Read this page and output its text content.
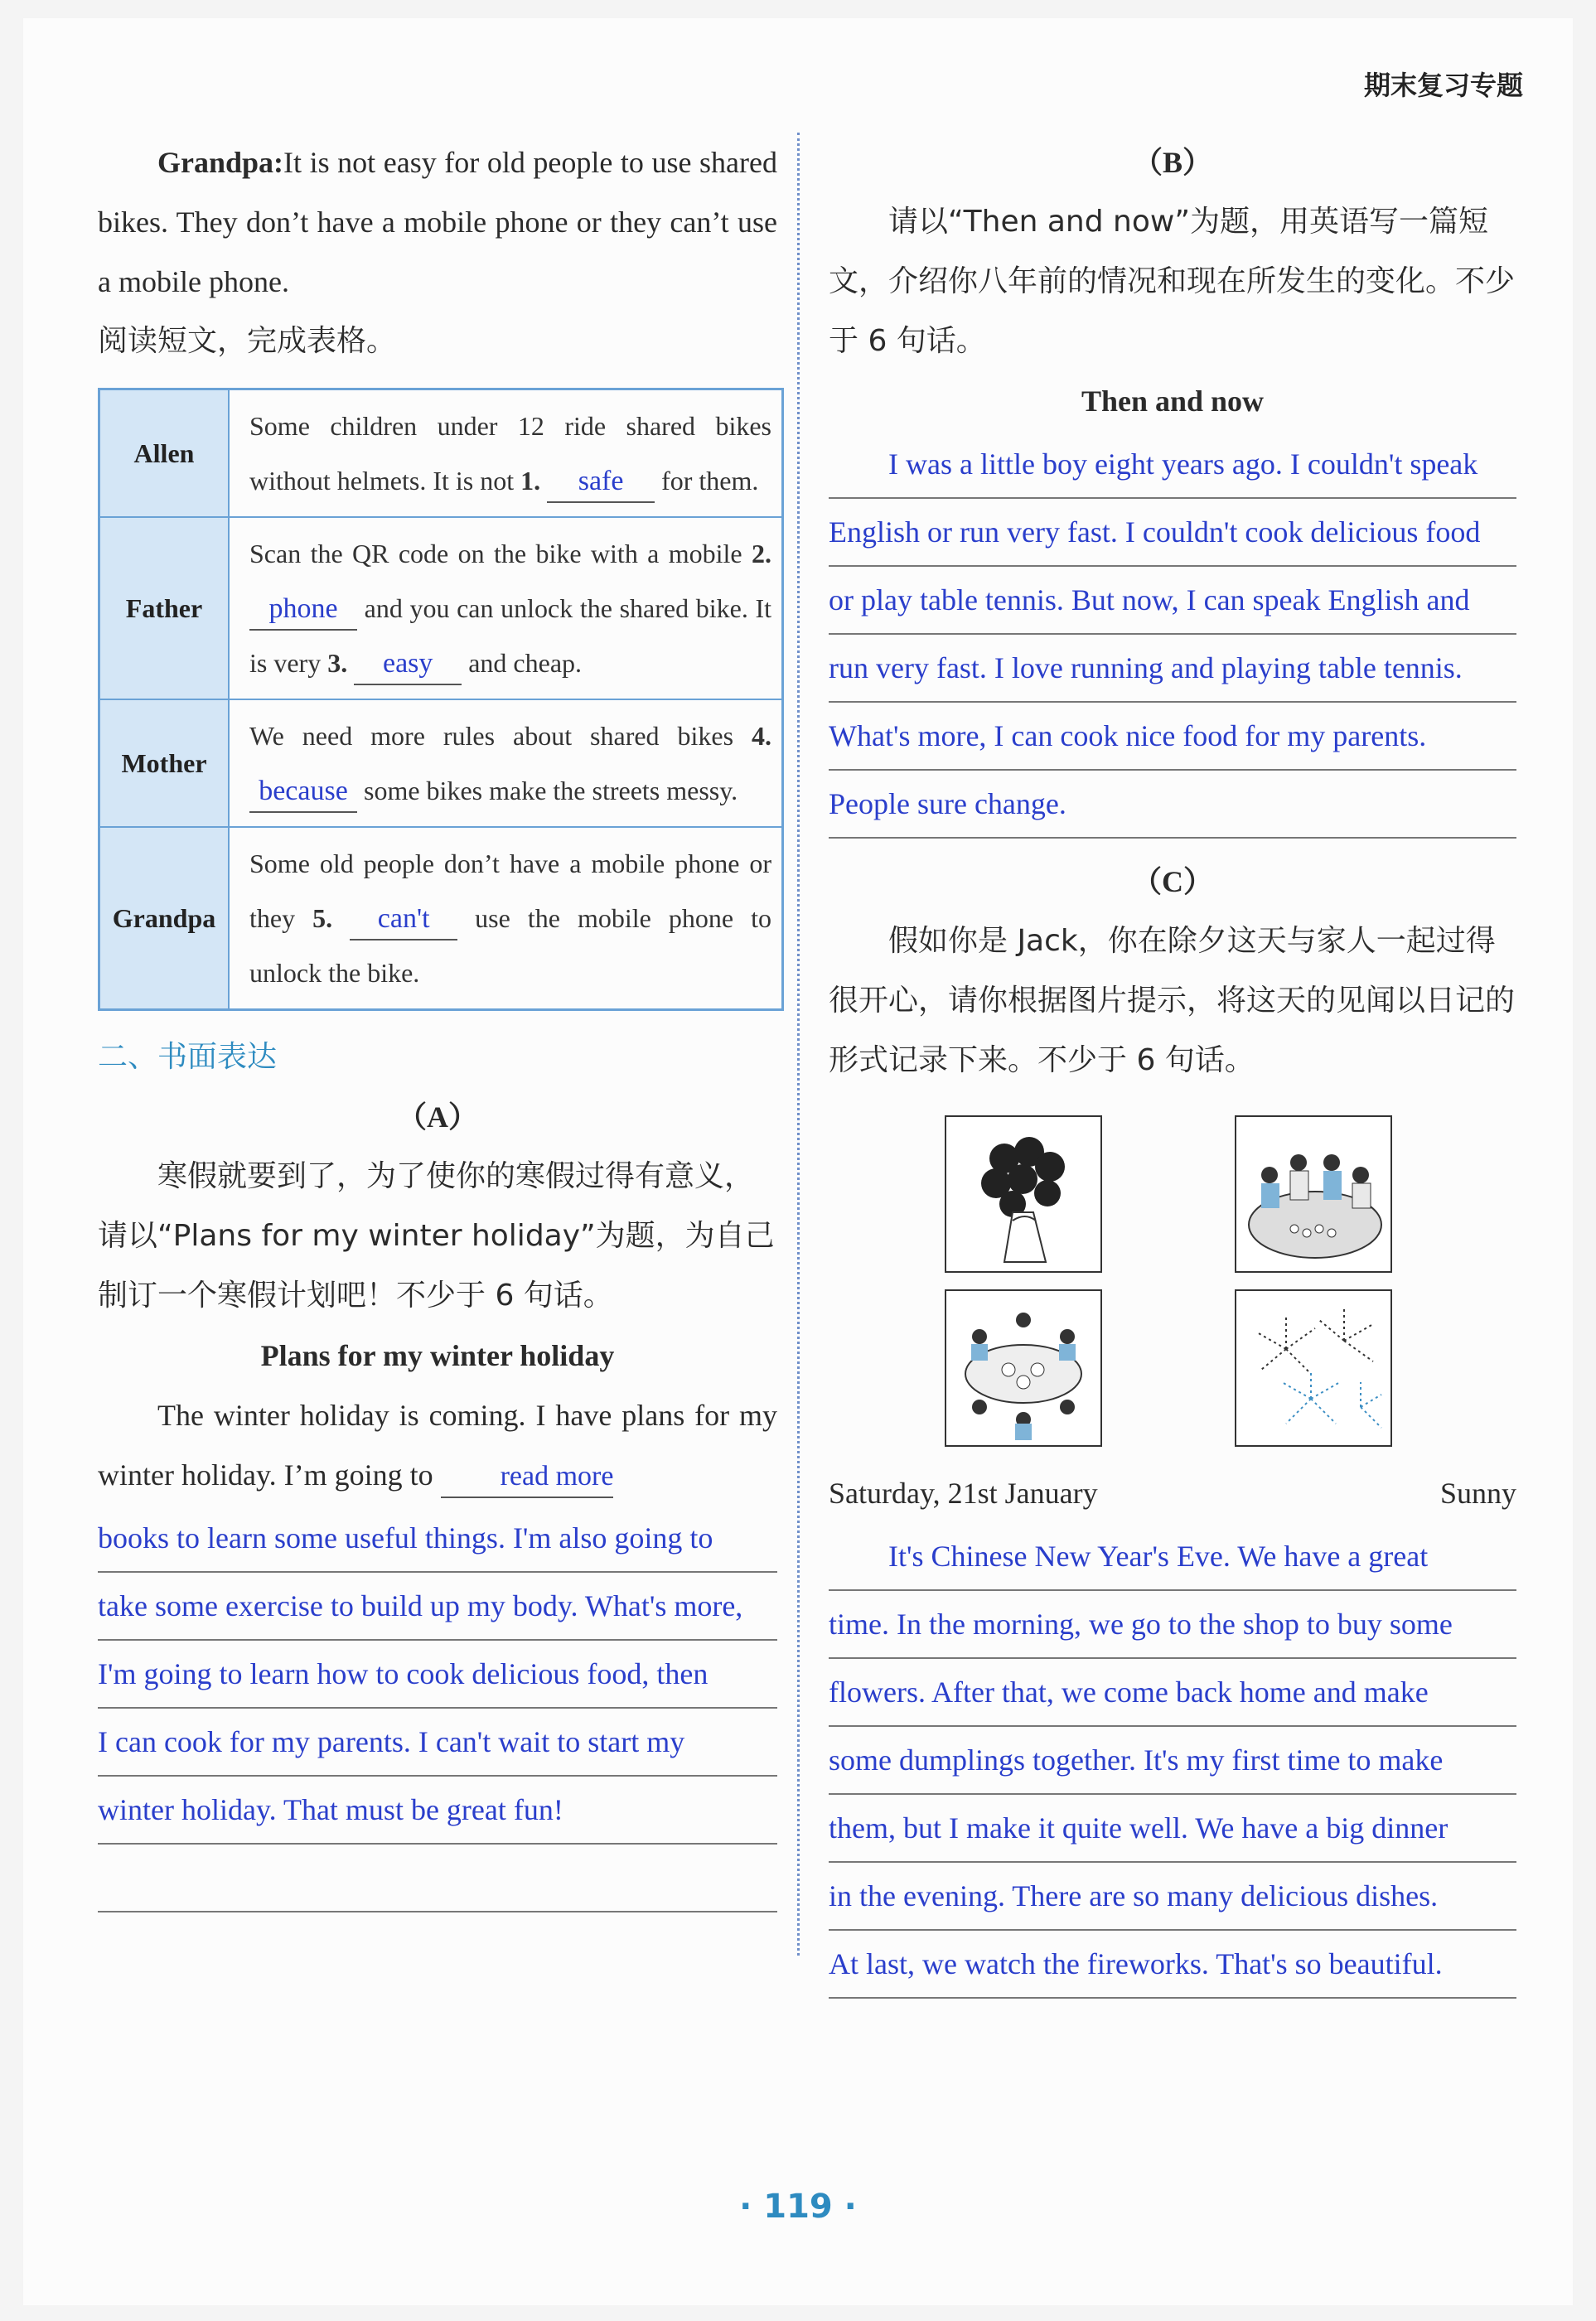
期末复习专题

Grandpa:It is not easy for old people to use shared bikes. They don’t have a mobile phone or they can’t use a mobile phone.

阅读短文，完成表格。

Allen	Some children under 12 ride shared bikes without helmets. It is not 1. safe for them.
Father	Scan the QR code on the bike with a mobile 2. phone and you can unlock the shared bike. It is very 3. easy and cheap.
Mother	We need more rules about shared bikes 4. because some bikes make the streets messy.
Grandpa	Some old people don’t have a mobile phone or they 5. can't use the mobile phone to unlock the bike.
二、书面表达
（A）

寒假就要到了，为了使你的寒假过得有意义，请以“Plans for my winter holiday”为题，为自己制订一个寒假计划吧！不少于 6 句话。

Plans for my winter holiday

The winter holiday is coming. I have plans for my winter holiday. I’m going to read more

books to learn some useful things. I'm also going to
take some exercise to build up my body. What's more,
I'm going to learn how to cook delicious food, then
I can cook for my parents. I can't wait to start my
winter holiday. That must be great fun!
（B）

请以“Then and now”为题，用英语写一篇短文，介绍你八年前的情况和现在所发生的变化。不少于 6 句话。

Then and now
I was a little boy eight years ago. I couldn't speak
English or run very fast. I couldn't cook delicious food
or play table tennis. But now, I can speak English and
run very fast. I love running and playing table tennis.
What's more, I can cook nice food for my parents.
People sure change.
（C）

假如你是 Jack，你在除夕这天与家人一起过得很开心，请你根据图片提示，将这天的见闻以日记的形式记录下来。不少于 6 句话。

Saturday, 21st January	Sunny
It's Chinese New Year's Eve. We have a great
time. In the morning, we go to the shop to buy some
flowers. After that, we come back home and make
some dumplings together. It's my first time to make
them, but I make it quite well. We have a big dinner
in the evening. There are so many delicious dishes.
At last, we watch the fireworks. That's so beautiful.
· 119 ·
